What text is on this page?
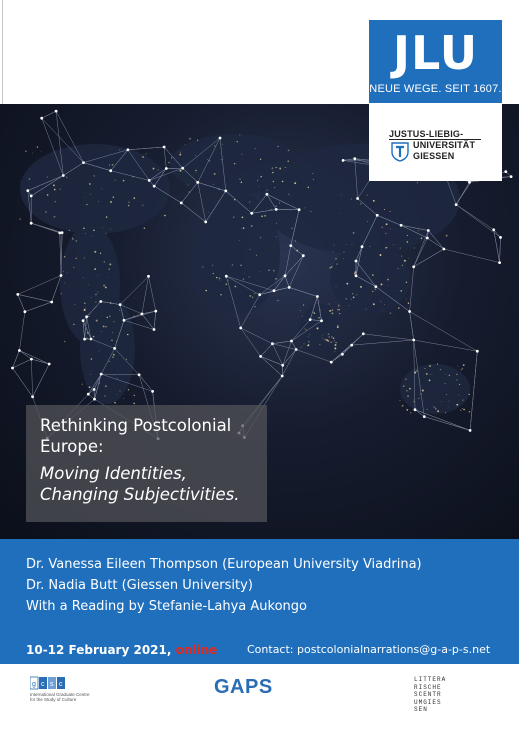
JLU
NEUE WEGE. SEIT 1607.
JUSTUS-LIEBIG-
UNIVERSITÄT
GIESSEN
Rethinking Postcolonial
Europe:
Moving Identities,
Changing Subjectivities.
Dr. Vanessa Eileen Thompson (European University Viadrina)
Dr. Nadia Butt (Giessen University)
With a Reading by Stefanie-Lahya Aukongo
10-12 February 2021, online	Contact: postcolonialnarrations@g-a-p-s.net
g c s c
International Graduate Centre
for the Study of Culture
GAPS	LITTERA
RISCHE
SCENTR
UMGIES
SEN
